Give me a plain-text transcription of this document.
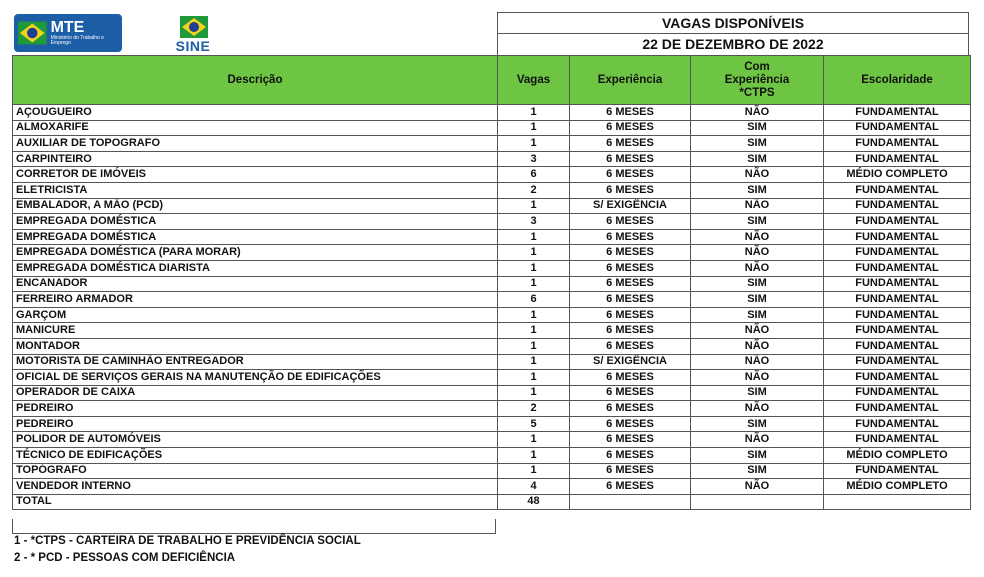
MTE
Ministério do Trabalho e Emprego	SINE
VAGAS DISPONÍVEIS
22 DE DEZEMBRO DE 2022
Descrição	Vagas	Experiência	Com Experiência *CTPS	Escolaridade
AÇOUGUEIRO	1	6 MESES	NÃO	FUNDAMENTAL
ALMOXARIFE	1	6 MESES	SIM	FUNDAMENTAL
AUXILIAR DE TOPOGRAFO	1	6 MESES	SIM	FUNDAMENTAL
CARPINTEIRO	3	6 MESES	SIM	FUNDAMENTAL
CORRETOR DE IMÓVEIS	6	6 MESES	NÃO	MÉDIO COMPLETO
ELETRICISTA	2	6 MESES	SIM	FUNDAMENTAL
EMBALADOR, A MÃO (PCD)	1	S/ EXIGÊNCIA	NÃO	FUNDAMENTAL
EMPREGADA DOMÉSTICA	3	6 MESES	SIM	FUNDAMENTAL
EMPREGADA DOMÉSTICA	1	6 MESES	NÃO	FUNDAMENTAL
EMPREGADA DOMÉSTICA (PARA MORAR)	1	6 MESES	NÃO	FUNDAMENTAL
EMPREGADA DOMÉSTICA DIARISTA	1	6 MESES	NÃO	FUNDAMENTAL
ENCANADOR	1	6 MESES	SIM	FUNDAMENTAL
FERREIRO ARMADOR	6	6 MESES	SIM	FUNDAMENTAL
GARÇOM	1	6 MESES	SIM	FUNDAMENTAL
MANICURE	1	6 MESES	NÃO	FUNDAMENTAL
MONTADOR	1	6 MESES	NÃO	FUNDAMENTAL
MOTORISTA DE CAMINHÃO ENTREGADOR	1	S/ EXIGÊNCIA	NÃO	FUNDAMENTAL
OFICIAL DE SERVIÇOS GERAIS NA MANUTENÇÃO DE EDIFICAÇÕES	1	6 MESES	NÃO	FUNDAMENTAL
OPERADOR DE CAIXA	1	6 MESES	SIM	FUNDAMENTAL
PEDREIRO	2	6 MESES	NÃO	FUNDAMENTAL
PEDREIRO	5	6 MESES	SIM	FUNDAMENTAL
POLIDOR DE AUTOMÓVEIS	1	6 MESES	NÃO	FUNDAMENTAL
TÉCNICO DE EDIFICAÇÕES	1	6 MESES	SIM	MÉDIO COMPLETO
TOPÓGRAFO	1	6 MESES	SIM	FUNDAMENTAL
VENDEDOR INTERNO	4	6 MESES	NÃO	MÉDIO COMPLETO
TOTAL	48			
1 - *CTPS - CARTEIRA DE TRABALHO E PREVIDÊNCIA SOCIAL
2 - * PCD - PESSOAS COM DEFICIÊNCIA
